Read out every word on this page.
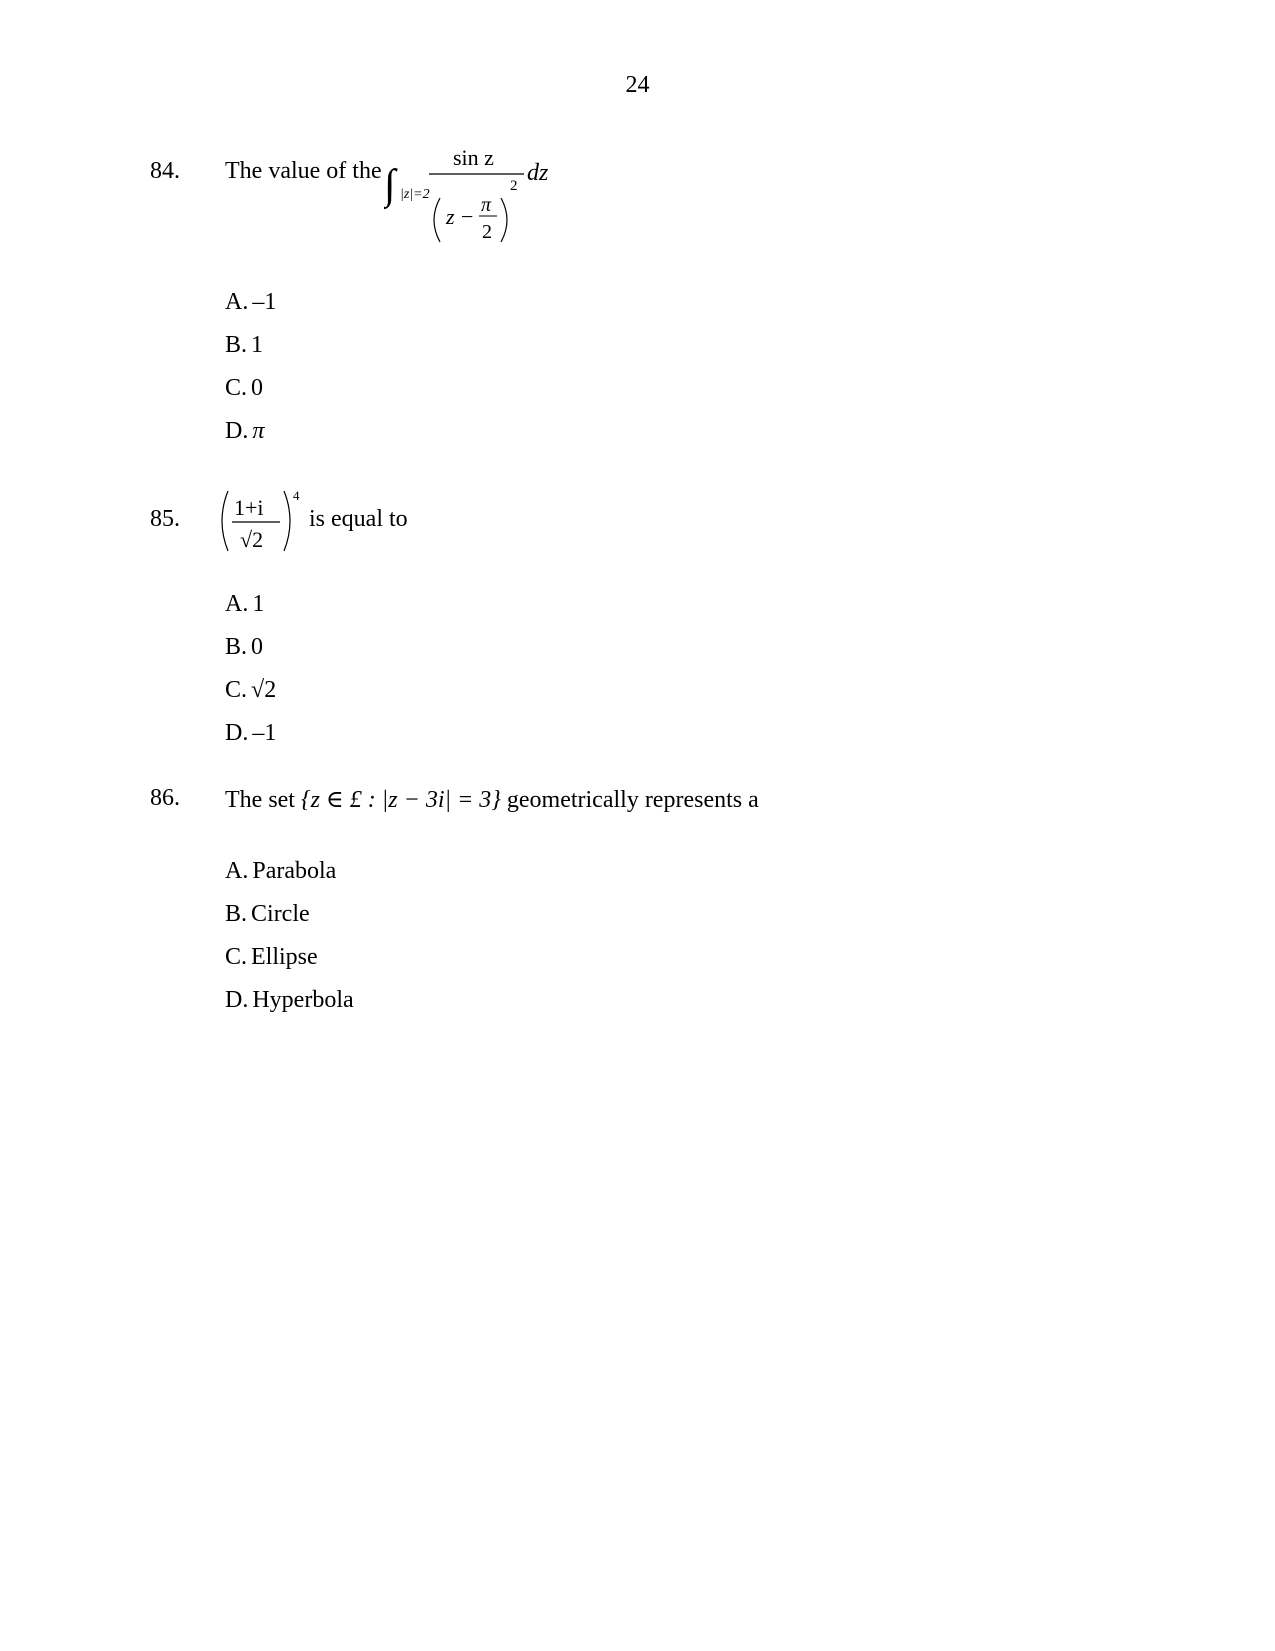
24
84. The value of the ∫ |z|=2
sin z
z − π
2
2 dz
A. –1
B. 1
C. 0
D. π
85. 1+i
√2
4
is equal to
A. 1
B. 0
C. √2
D. –1
86. The set {z ∈ £ : |z − 3i| = 3} geometrically represents a
A. Parabola
B. Circle
C. Ellipse
D. Hyperbola
